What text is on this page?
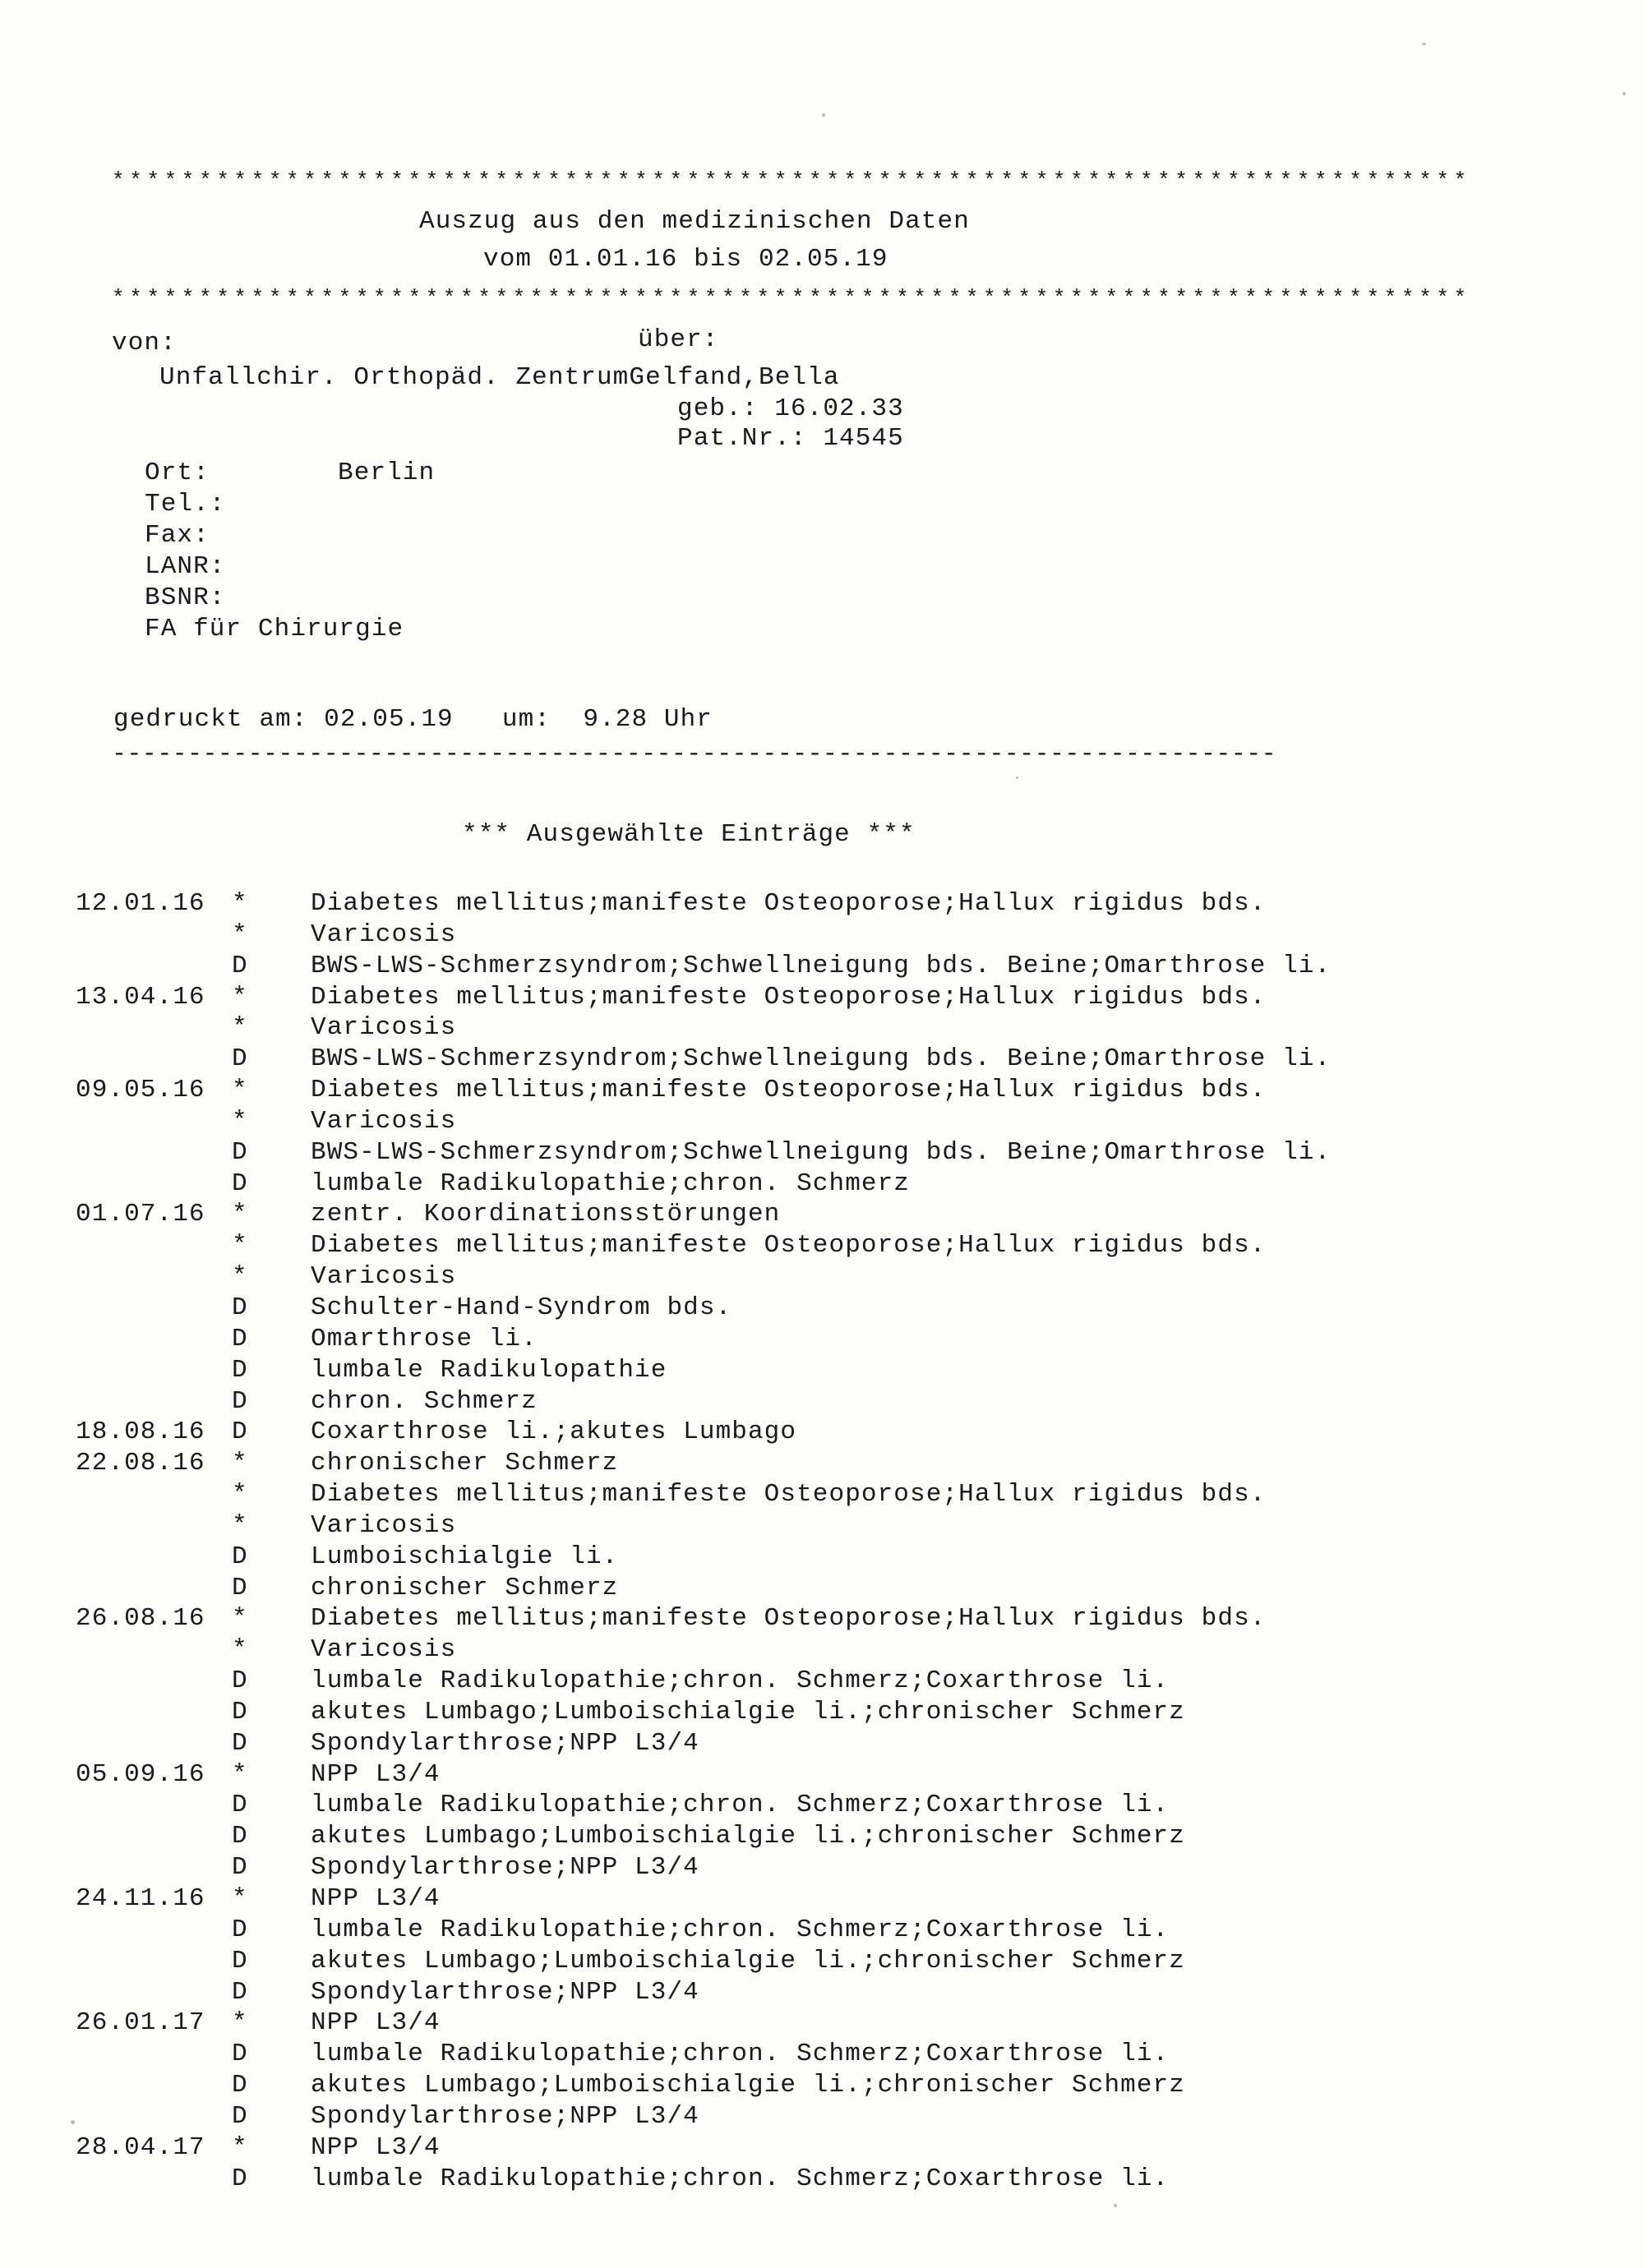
******************************************************************************
Auszug aus den medizinischen Daten
vom 01.01.16 bis 02.05.19
******************************************************************************
von:	über:
Unfallchir. Orthopäd. ZentrumGelfand,Bella
geb.: 16.02.33
Pat.Nr.: 14545
Ort:	Berlin
Tel.:
Fax:
LANR:
BSNR:
FA für Chirurgie
gedruckt am: 02.05.19   um:  9.28 Uhr
-----------------------------------------------------------------------------
*** Ausgewählte Einträge ***
12.01.16 * Diabetes mellitus;manifeste Osteoporose;Hallux rigidus bds.
* Varicosis
D BWS-LWS-Schmerzsyndrom;Schwellneigung bds. Beine;Omarthrose li.
13.04.16 * Diabetes mellitus;manifeste Osteoporose;Hallux rigidus bds.
* Varicosis
D BWS-LWS-Schmerzsyndrom;Schwellneigung bds. Beine;Omarthrose li.
09.05.16 * Diabetes mellitus;manifeste Osteoporose;Hallux rigidus bds.
* Varicosis
D BWS-LWS-Schmerzsyndrom;Schwellneigung bds. Beine;Omarthrose li.
D lumbale Radikulopathie;chron. Schmerz
01.07.16 * zentr. Koordinationsstörungen
* Diabetes mellitus;manifeste Osteoporose;Hallux rigidus bds.
* Varicosis
D Schulter-Hand-Syndrom bds.
D Omarthrose li.
D lumbale Radikulopathie
D chron. Schmerz
18.08.16 D Coxarthrose li.;akutes Lumbago
22.08.16 * chronischer Schmerz
* Diabetes mellitus;manifeste Osteoporose;Hallux rigidus bds.
* Varicosis
D Lumboischialgie li.
D chronischer Schmerz
26.08.16 * Diabetes mellitus;manifeste Osteoporose;Hallux rigidus bds.
* Varicosis
D lumbale Radikulopathie;chron. Schmerz;Coxarthrose li.
D akutes Lumbago;Lumboischialgie li.;chronischer Schmerz
D Spondylarthrose;NPP L3/4
05.09.16 * NPP L3/4
D lumbale Radikulopathie;chron. Schmerz;Coxarthrose li.
D akutes Lumbago;Lumboischialgie li.;chronischer Schmerz
D Spondylarthrose;NPP L3/4
24.11.16 * NPP L3/4
D lumbale Radikulopathie;chron. Schmerz;Coxarthrose li.
D akutes Lumbago;Lumboischialgie li.;chronischer Schmerz
D Spondylarthrose;NPP L3/4
26.01.17 * NPP L3/4
D lumbale Radikulopathie;chron. Schmerz;Coxarthrose li.
D akutes Lumbago;Lumboischialgie li.;chronischer Schmerz
D Spondylarthrose;NPP L3/4
28.04.17 * NPP L3/4
D lumbale Radikulopathie;chron. Schmerz;Coxarthrose li.
